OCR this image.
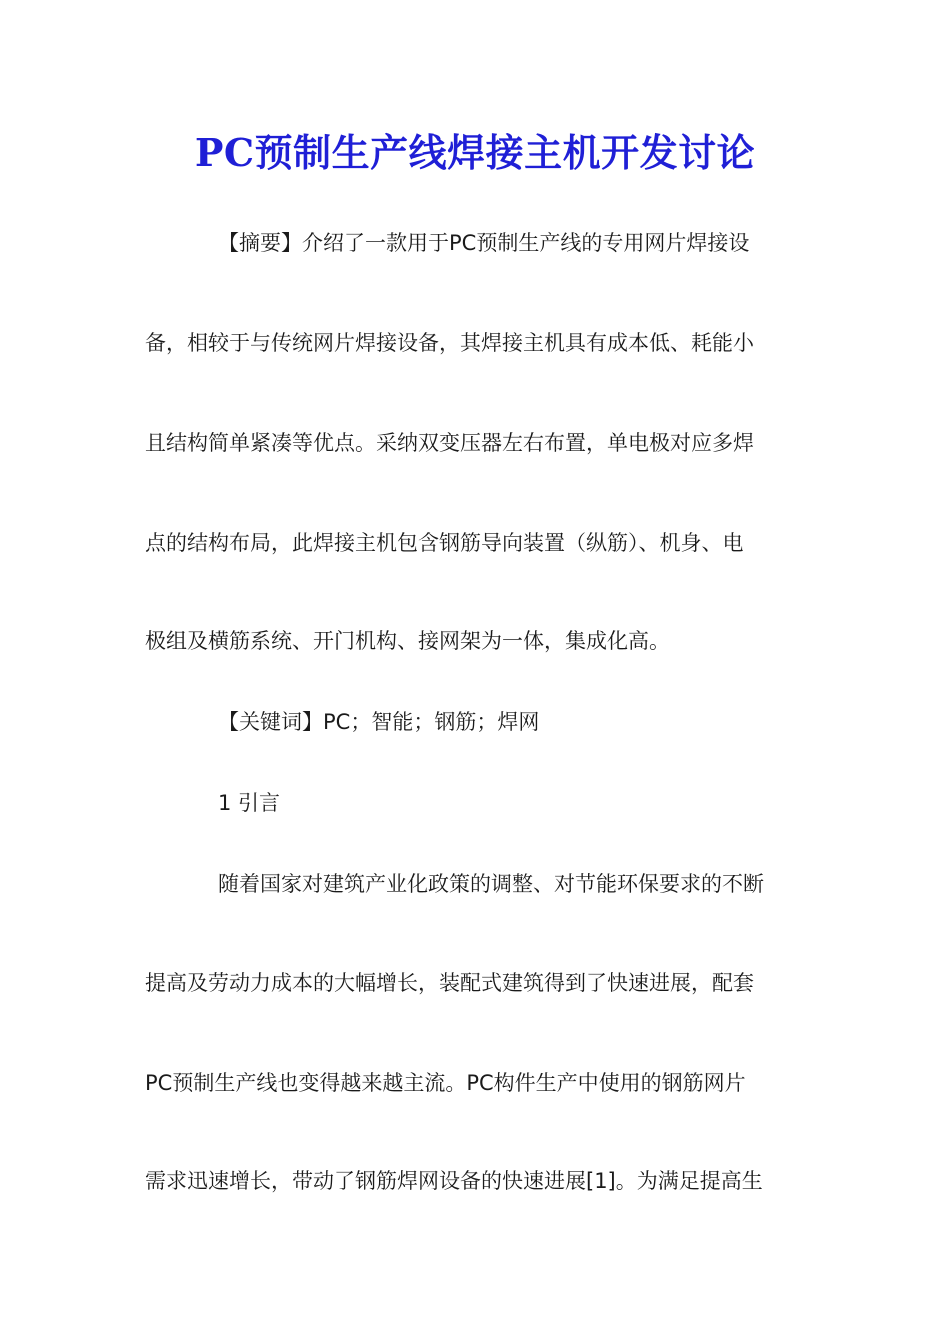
PC预制生产线焊接主机开发讨论
【摘要】介绍了一款用于PC预制生产线的专用网片焊接设
备，相较于与传统网片焊接设备，其焊接主机具有成本低、耗能小
且结构简单紧凑等优点。采纳双变压器左右布置，单电极对应多焊
点的结构布局，此焊接主机包含钢筋导向装置（纵筋）、机身、电
极组及横筋系统、开门机构、接网架为一体，集成化高。
【关键词】PC；智能；钢筋；焊网
1 引言
随着国家对建筑产业化政策的调整、对节能环保要求的不断
提高及劳动力成本的大幅增长，装配式建筑得到了快速进展，配套
PC预制生产线也变得越来越主流。PC构件生产中使用的钢筋网片
需求迅速增长，带动了钢筋焊网设备的快速进展[1]。为满足提高生
